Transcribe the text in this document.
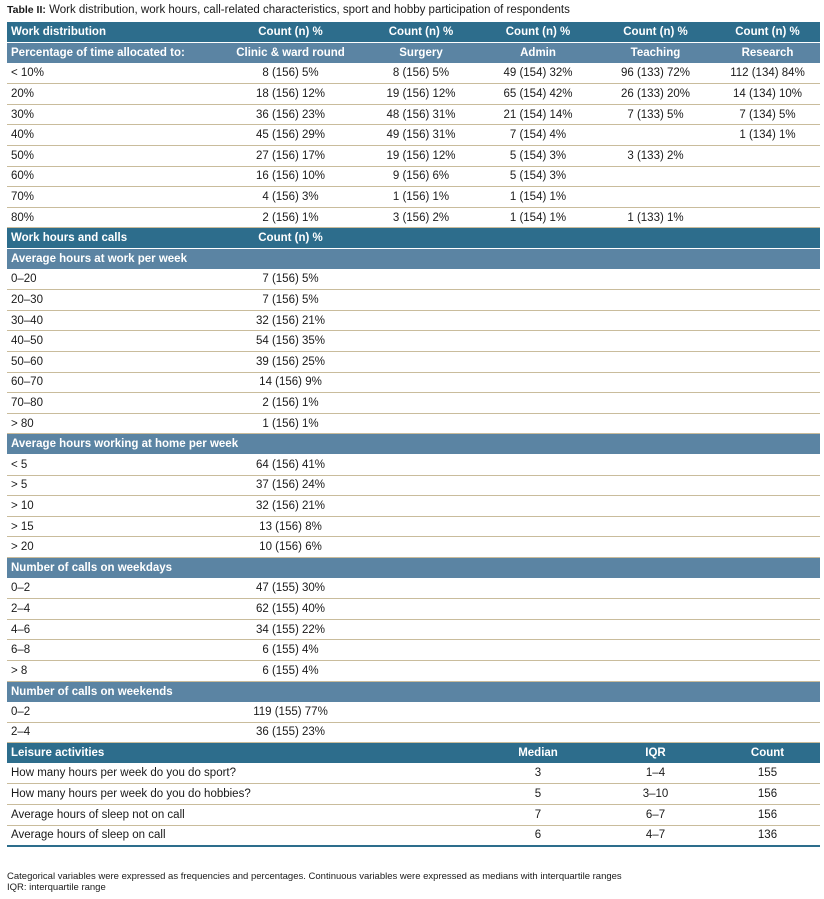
Table II: Work distribution, work hours, call-related characteristics, sport and hobby participation of respondents
Work distribution	Count (n) %	Count (n) %	Count (n) %	Count (n) %	Count (n) %
Percentage of time allocated to:	Clinic & ward round	Surgery	Admin	Teaching	Research
< 10%	8 (156) 5%	8 (156) 5%	49 (154) 32%	96 (133) 72%	112 (134) 84%
20%	18 (156) 12%	19 (156) 12%	65 (154) 42%	26 (133) 20%	14 (134) 10%
30%	36 (156) 23%	48 (156) 31%	21 (154) 14%	7 (133) 5%	7 (134) 5%
40%	45 (156) 29%	49 (156) 31%	7 (154) 4%		1 (134) 1%
50%	27 (156) 17%	19 (156) 12%	5 (154) 3%	3 (133) 2%	
60%	16 (156) 10%	9 (156) 6%	5 (154) 3%		
70%	4 (156) 3%	1 (156) 1%	1 (154) 1%		
80%	2 (156) 1%	3 (156) 2%	1 (154) 1%	1 (133) 1%	
Work hours and calls	Count (n) %				
Average hours at work per week					
0–20	7 (156) 5%				
20–30	7 (156) 5%				
30–40	32 (156) 21%				
40–50	54 (156) 35%				
50–60	39 (156) 25%				
60–70	14 (156) 9%				
70–80	2 (156) 1%				
> 80	1 (156) 1%				
Average hours working at home per week					
< 5	64 (156) 41%				
> 5	37 (156) 24%				
> 10	32 (156) 21%				
> 15	13 (156) 8%				
> 20	10 (156) 6%				
Number of calls on weekdays					
0–2	47 (155) 30%				
2–4	62 (155) 40%				
4–6	34 (155) 22%				
6–8	6 (155) 4%				
> 8	6 (155) 4%				
Number of calls on weekends					
0–2	119 (155) 77%				
2–4	36 (155) 23%				
Leisure activities			Median	IQR	Count
How many hours per week do you do sport?			3	1–4	155
How many hours per week do you do hobbies?			5	3–10	156
Average hours of sleep not on call			7	6–7	156
Average hours of sleep on call			6	4–7	136
Categorical variables were expressed as frequencies and percentages. Continuous variables were expressed as medians with interquartile ranges
IQR: interquartile range
